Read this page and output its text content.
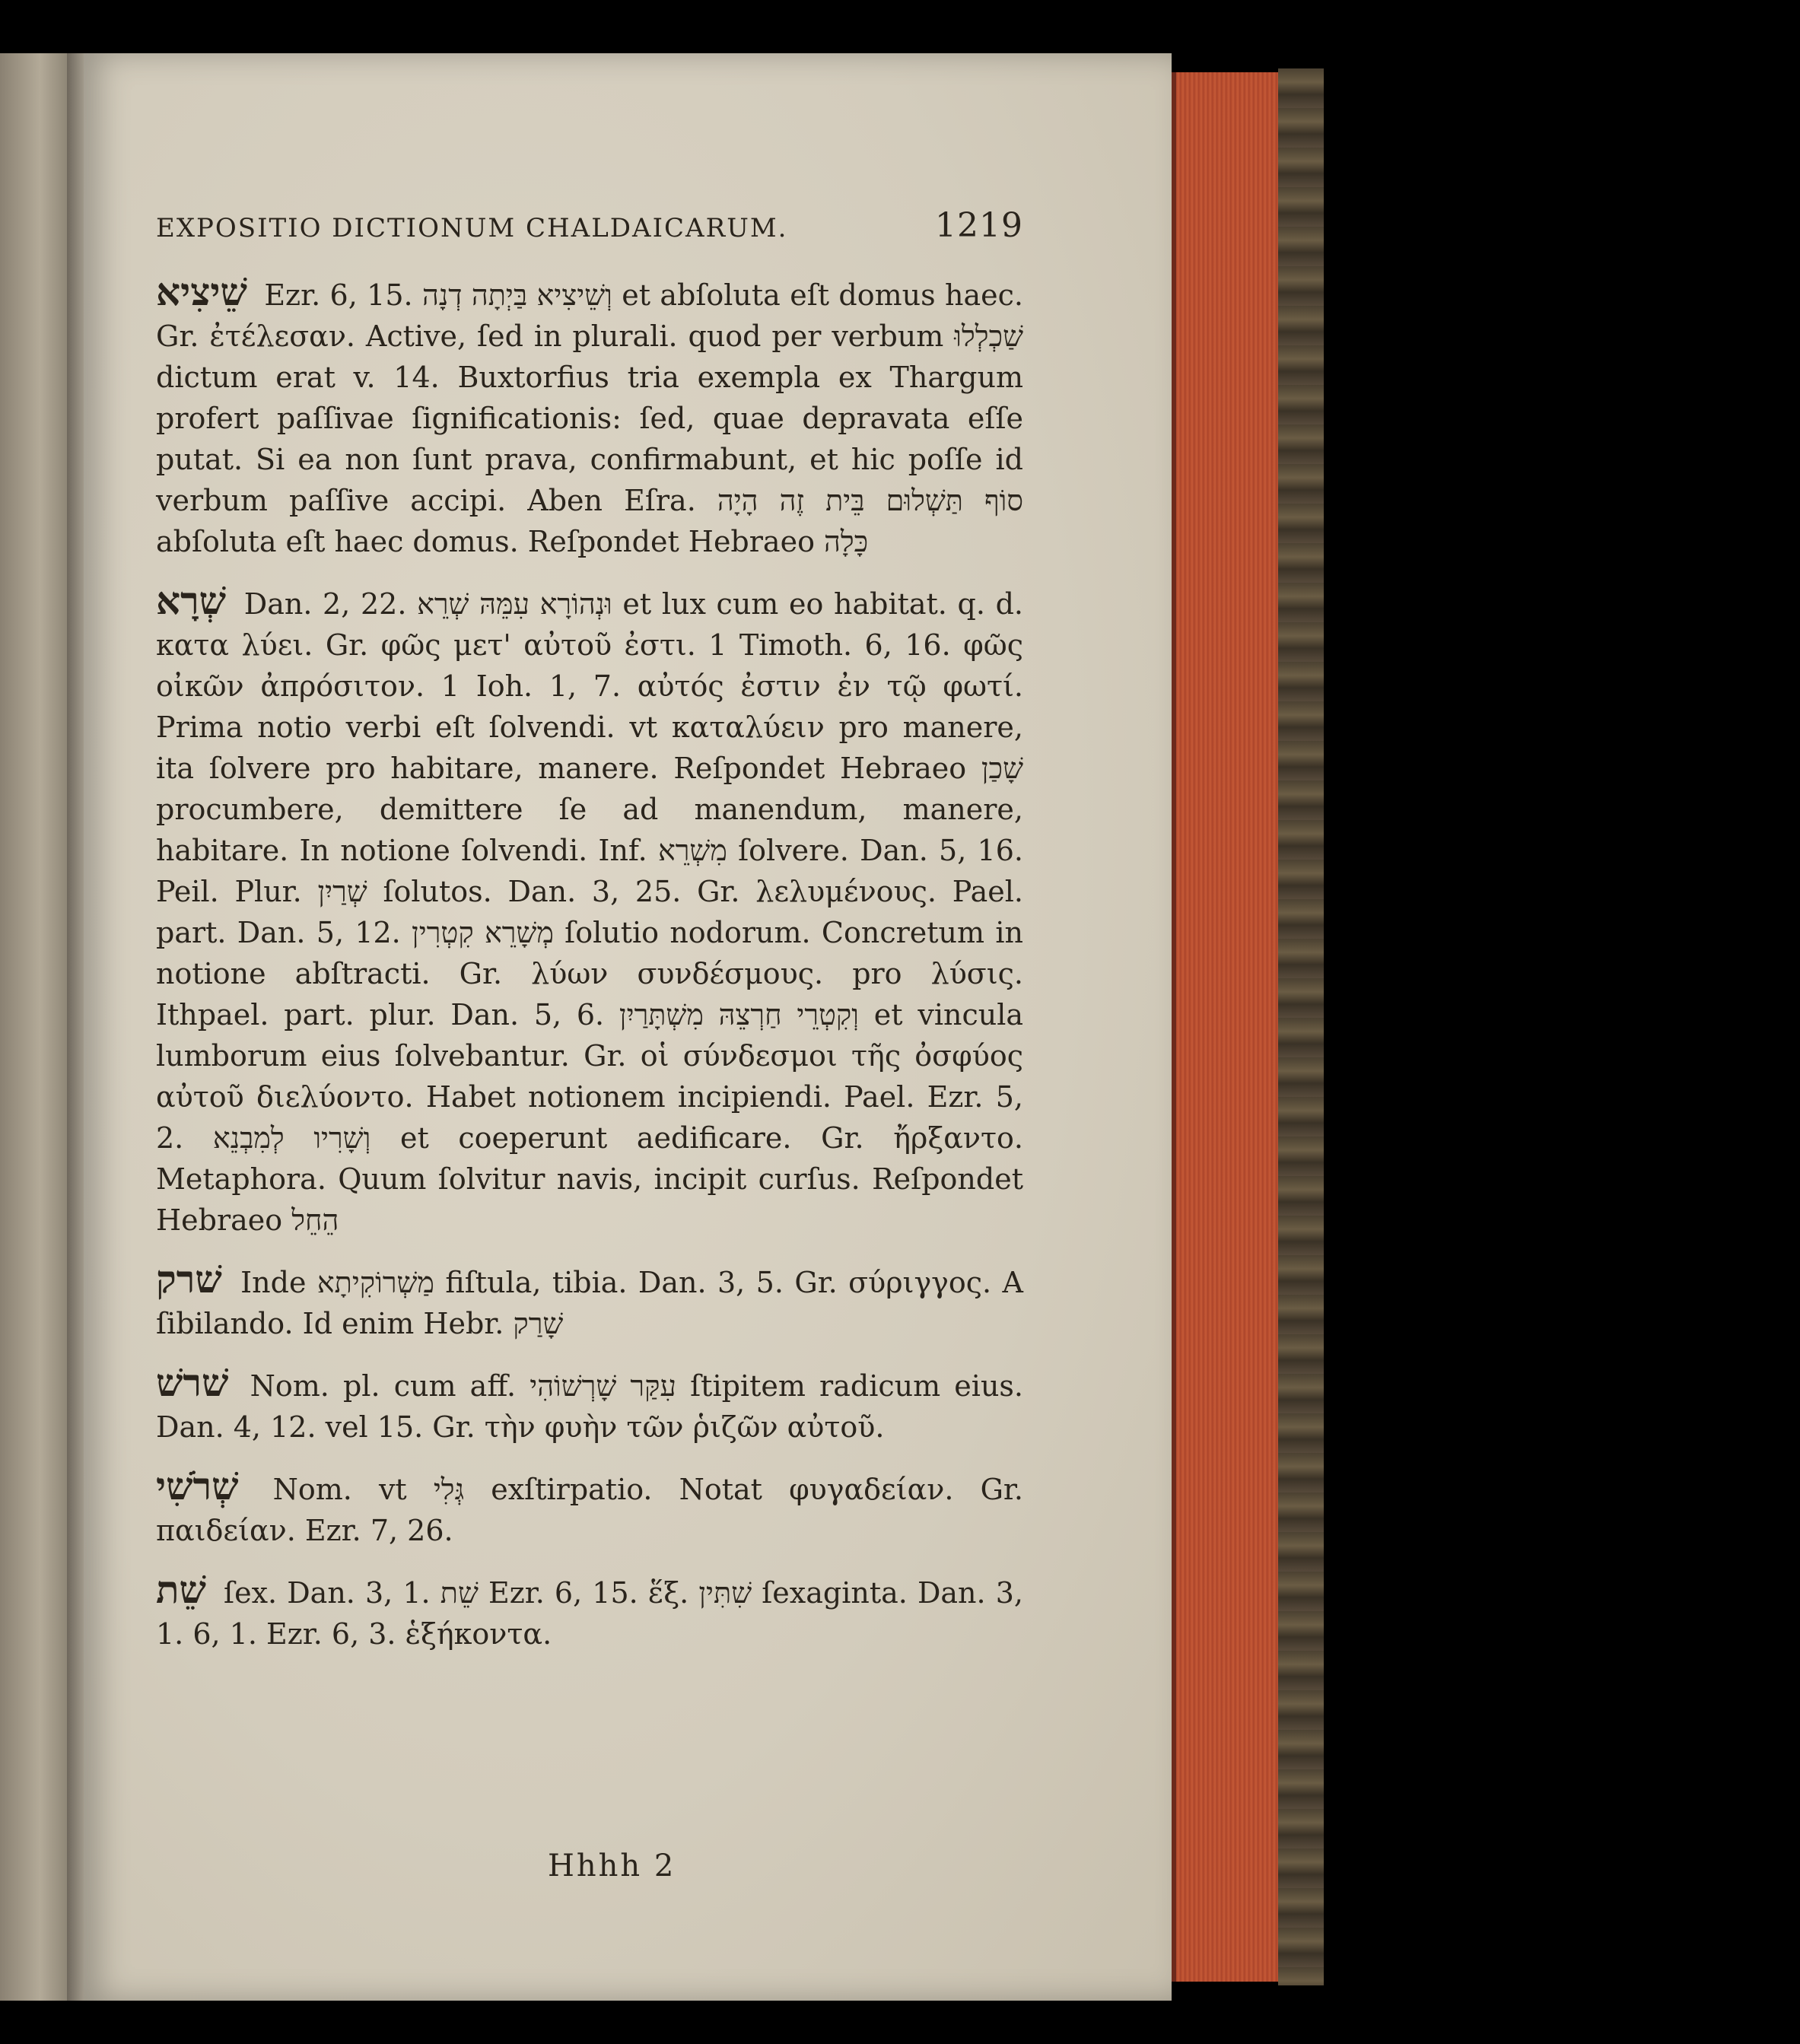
EXPOSITIO DICTIONUM CHALDAICARUM.	1219
שֵׁיצִיא Ezr. 6, 15. וְשֵׁיצִיא בַּיְתָה דְנָה et abſoluta eſt domus haec. Gr. ἐτέλεσαν. Active, ſed in plurali. quod per verbum שַׁכְלְלוּ dictum erat v. 14. Buxtorfius tria exempla ex Thargum profert paſſivae ſignificationis: ſed, quae depravata eſſe putat. Si ea non ſunt prava, confirmabunt, et hic poſſe id verbum paſſive accipi. Aben Eſra. סוֹף תַּשְׁלוּם בֵּית זֶה הָיָה abſoluta eſt haec domus. Reſpondet Hebraeo כָּלָה
שְׁרָא Dan. 2, 22. וּנְהוֹרָא עִמֵּהּ שְׁרֵא et lux cum eo habitat. q. d. κατα λύει. Gr. φῶς μετ' αὐτοῦ ἐστι. 1 Timoth. 6, 16. φῶς οἰκῶν ἀπρόσιτον. 1 Ioh. 1, 7. αὐτός ἐστιν ἐν τῷ φωτί. Prima notio verbi eſt ſolvendi. vt καταλύειν pro manere, ita ſolvere pro habitare, manere. Reſpondet Hebraeo שָׁכַן procumbere, demittere ſe ad manendum, manere, habitare. In notione ſolvendi. Inf. מִשְׁרֵא ſolvere. Dan. 5, 16. Peil. Plur. שְׁרַיִן ſolutos. Dan. 3, 25. Gr. λελυμένους. Pael. part. Dan. 5, 12. מְשָׁרֵא קִטְרִין ſolutio nodorum. Concretum in notione abſtracti. Gr. λύων συνδέσμους. pro λύσις. Ithpael. part. plur. Dan. 5, 6. וְקִטְרֵי חַרְצֵהּ מִשְׁתָּרַיִן et vincula lumborum eius ſolvebantur. Gr. οἱ σύνδεσμοι τῆς ὀσφύος αὐτοῦ διελύοντο. Habet notionem incipiendi. Pael. Ezr. 5, 2. וְשָׁרִיו לְמִבְנֵא et coeperunt aedificare. Gr. ἤρξαντο. Metaphora. Quum ſolvitur navis, incipit curſus. Reſpondet Hebraeo הֵחֵל
שׁרק Inde מַשְׁרוֹקִיתָא fiſtula, tibia. Dan. 3, 5. Gr. σύριγγος. A ſibilando. Id enim Hebr. שָׁרַק
שׁרשׁ Nom. pl. cum aff. עִקַּר שָׁרְשׁוֹהִי ſtipitem radicum eius. Dan. 4, 12. vel 15. Gr. τὴν φυὴν τῶν ῥιζῶν αὐτοῦ.
שְׁרֹשִׁי Nom. vt גְּלִי exſtirpatio. Notat φυγαδείαν. Gr. παιδείαν. Ezr. 7, 26.
שֵׁת ſex. Dan. 3, 1. שֵׁת Ezr. 6, 15. ἕξ. שִׁתִּין ſexaginta. Dan. 3, 1. 6, 1. Ezr. 6, 3. ἑξήκοντα.
Hhhh 2
